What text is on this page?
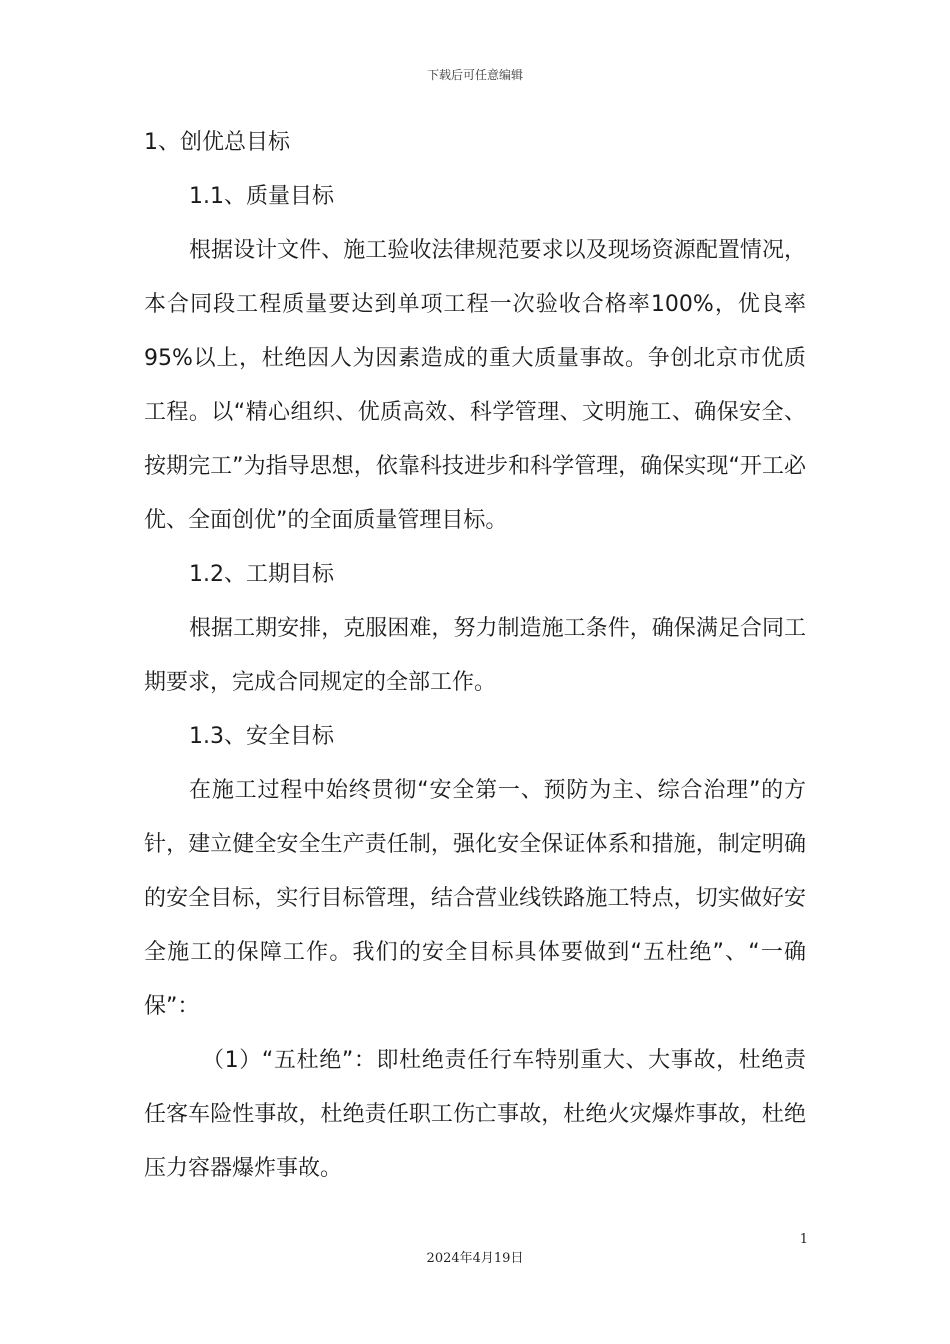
下载后可任意编辑
1、创优总目标
1.1、质量目标

根据设计文件、施工验收法律规范要求以及现场资源配置情况，本合同段工程质量要达到单项工程一次验收合格率100%，优良率95%以上，杜绝因人为因素造成的重大质量事故。争创北京市优质工程。以“精心组织、优质高效、科学管理、文明施工、确保安全、按期完工”为指导思想，依靠科技进步和科学管理，确保实现“开工必优、全面创优”的全面质量管理目标。

1.2、工期目标

根据工期安排，克服困难，努力制造施工条件，确保满足合同工期要求，完成合同规定的全部工作。

1.3、安全目标

在施工过程中始终贯彻“安全第一、预防为主、综合治理”的方针，建立健全安全生产责任制，强化安全保证体系和措施，制定明确的安全目标，实行目标管理，结合营业线铁路施工特点，切实做好安全施工的保障工作。我们的安全目标具体要做到“五杜绝”、“一确保”：

（1）“五杜绝”：即杜绝责任行车特别重大、大事故，杜绝责任客车险性事故，杜绝责任职工伤亡事故，杜绝火灾爆炸事故，杜绝压力容器爆炸事故。

1
2024年4月19日
